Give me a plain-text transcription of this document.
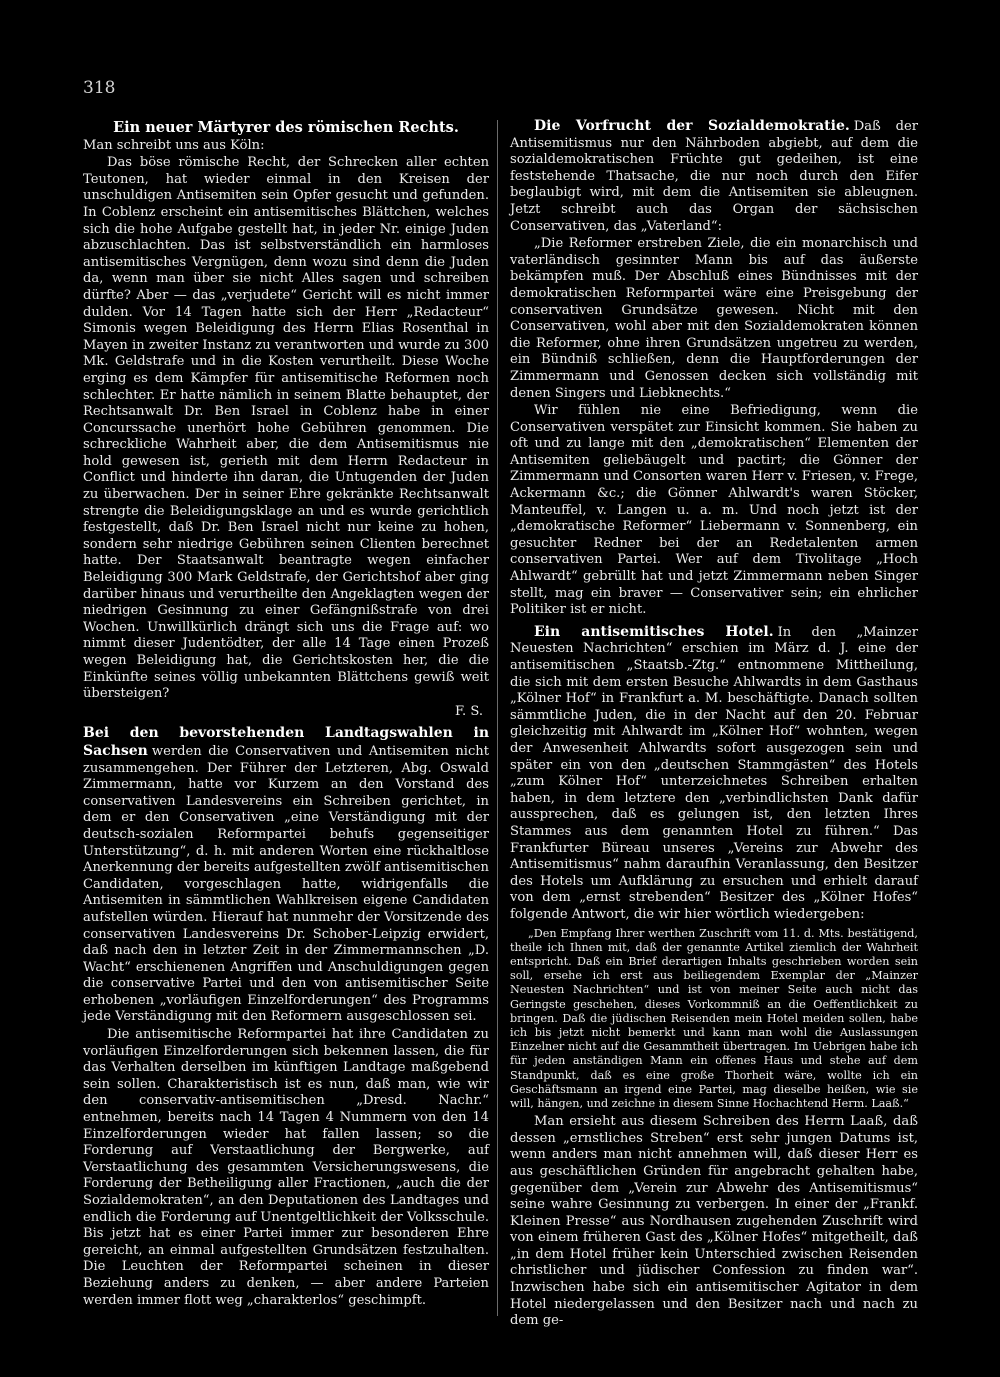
318
Ein neuer Märtyrer des römischen Rechts.

Man schreibt uns aus Köln:

Das böse römische Recht, der Schrecken aller echten Teutonen, hat wieder einmal in den Kreisen der unschuldigen Antisemiten sein Opfer gesucht und gefunden. In Coblenz erscheint ein antisemitisches Blättchen, welches sich die hohe Aufgabe gestellt hat, in jeder Nr. einige Juden abzuschlachten. Das ist selbstverständlich ein harmloses antisemitisches Vergnügen, denn wozu sind denn die Juden da, wenn man über sie nicht Alles sagen und schreiben dürfte? Aber — das „verjudete“ Gericht will es nicht immer dulden. Vor 14 Tagen hatte sich der Herr „Redacteur“ Simonis wegen Beleidigung des Herrn Elias Rosenthal in Mayen in zweiter Instanz zu verantworten und wurde zu 300 Mk. Geldstrafe und in die Kosten verurtheilt. Diese Woche erging es dem Kämpfer für antisemitische Reformen noch schlechter. Er hatte nämlich in seinem Blatte behauptet, der Rechtsanwalt Dr. Ben Israel in Coblenz habe in einer Concurssache unerhört hohe Gebühren genommen. Die schreckliche Wahrheit aber, die dem Antisemitismus nie hold gewesen ist, gerieth mit dem Herrn Redacteur in Conflict und hinderte ihn daran, die Untugenden der Juden zu überwachen. Der in seiner Ehre gekränkte Rechtsanwalt strengte die Beleidigungsklage an und es wurde gerichtlich festgestellt, daß Dr. Ben Israel nicht nur keine zu hohen, sondern sehr niedrige Gebühren seinen Clienten berechnet hatte. Der Staatsanwalt beantragte wegen einfacher Beleidigung 300 Mark Geldstrafe, der Gerichtshof aber ging darüber hinaus und verurtheilte den Angeklagten wegen der niedrigen Gesinnung zu einer Gefängnißstrafe von drei Wochen. Unwillkürlich drängt sich uns die Frage auf: wo nimmt dieser Judentödter, der alle 14 Tage einen Prozeß wegen Beleidigung hat, die Gerichtskosten her, die die Einkünfte seines völlig unbekannten Blättchens gewiß weit übersteigen?

F. S.

Bei den bevorstehenden Landtagswahlen in Sachsen werden die Conservativen und Antisemiten nicht zusammengehen. Der Führer der Letzteren, Abg. Oswald Zimmermann, hatte vor Kurzem an den Vorstand des conservativen Landesvereins ein Schreiben gerichtet, in dem er den Conservativen „eine Verständigung mit der deutsch-sozialen Reformpartei behufs gegenseitiger Unterstützung“, d. h. mit anderen Worten eine rückhaltlose Anerkennung der bereits aufgestellten zwölf antisemitischen Candidaten, vorgeschlagen hatte, widrigenfalls die Antisemiten in sämmtlichen Wahlkreisen eigene Candidaten aufstellen würden. Hierauf hat nunmehr der Vorsitzende des conservativen Landesvereins Dr. Schober-Leipzig erwidert, daß nach den in letzter Zeit in der Zimmermannschen „D. Wacht“ erschienenen Angriffen und Anschuldigungen gegen die conservative Partei und den von antisemitischer Seite erhobenen „vorläufigen Einzelforderungen“ des Programms jede Verständigung mit den Reformern ausgeschlossen sei.

Die antisemitische Reformpartei hat ihre Candidaten zu vorläufigen Einzelforderungen sich bekennen lassen, die für das Verhalten derselben im künftigen Landtage maßgebend sein sollen. Charakteristisch ist es nun, daß man, wie wir den conservativ-antisemitischen „Dresd. Nachr.“ entnehmen, bereits nach 14 Tagen 4 Nummern von den 14 Einzelforderungen wieder hat fallen lassen; so die Forderung auf Verstaatlichung der Bergwerke, auf Verstaatlichung des gesammten Versicherungswesens, die Forderung der Betheiligung aller Fractionen, „auch die der Sozialdemokraten“, an den Deputationen des Landtages und endlich die Forderung auf Unentgeltlichkeit der Volksschule. Bis jetzt hat es einer Partei immer zur besonderen Ehre gereicht, an einmal aufgestellten Grundsätzen festzuhalten. Die Leuchten der Reformpartei scheinen in dieser Beziehung anders zu denken, — aber andere Parteien werden immer flott weg „charakterlos“ geschimpft.

Die Vorfrucht der Sozialdemokratie. Daß der Antisemitismus nur den Nährboden abgiebt, auf dem die sozialdemokratischen Früchte gut gedeihen, ist eine feststehende Thatsache, die nur noch durch den Eifer beglaubigt wird, mit dem die Antisemiten sie ableugnen. Jetzt schreibt auch das Organ der sächsischen Conservativen, das „Vaterland“:

„Die Reformer erstreben Ziele, die ein monarchisch und vaterländisch gesinnter Mann bis auf das äußerste bekämpfen muß. Der Abschluß eines Bündnisses mit der demokratischen Reformpartei wäre eine Preisgebung der conservativen Grundsätze gewesen. Nicht mit den Conservativen, wohl aber mit den Sozialdemokraten können die Reformer, ohne ihren Grundsätzen ungetreu zu werden, ein Bündniß schließen, denn die Hauptforderungen der Zimmermann und Genossen decken sich vollständig mit denen Singers und Liebknechts.“

Wir fühlen nie eine Befriedigung, wenn die Conservativen verspätet zur Einsicht kommen. Sie haben zu oft und zu lange mit den „demokratischen“ Elementen der Antisemiten geliebäugelt und pactirt; die Gönner der Zimmermann und Consorten waren Herr v. Friesen, v. Frege, Ackermann &c.; die Gönner Ahlwardt's waren Stöcker, Manteuffel, v. Langen u. a. m. Und noch jetzt ist der „demokratische Reformer“ Liebermann v. Sonnenberg, ein gesuchter Redner bei der an Redetalenten armen conservativen Partei. Wer auf dem Tivolitage „Hoch Ahlwardt“ gebrüllt hat und jetzt Zimmermann neben Singer stellt, mag ein braver — Conservativer sein; ein ehrlicher Politiker ist er nicht.

Ein antisemitisches Hotel. In den „Mainzer Neuesten Nachrichten“ erschien im März d. J. eine der antisemitischen „Staatsb.-Ztg.“ entnommene Mittheilung, die sich mit dem ersten Besuche Ahlwardts in dem Gasthaus „Kölner Hof“ in Frankfurt a. M. beschäftigte. Danach sollten sämmtliche Juden, die in der Nacht auf den 20. Februar gleichzeitig mit Ahlwardt im „Kölner Hof“ wohnten, wegen der Anwesenheit Ahlwardts sofort ausgezogen sein und später ein von den „deutschen Stammgästen“ des Hotels „zum Kölner Hof“ unterzeichnetes Schreiben erhalten haben, in dem letztere den „verbindlichsten Dank dafür aussprechen, daß es gelungen ist, den letzten Ihres Stammes aus dem genannten Hotel zu führen.“ Das Frankfurter Büreau unseres „Vereins zur Abwehr des Antisemitismus“ nahm daraufhin Veranlassung, den Besitzer des Hotels um Aufklärung zu ersuchen und erhielt darauf von dem „ernst strebenden“ Besitzer des „Kölner Hofes“ folgende Antwort, die wir hier wörtlich wiedergeben:

„Den Empfang Ihrer werthen Zuschrift vom 11. d. Mts. bestätigend, theile ich Ihnen mit, daß der genannte Artikel ziemlich der Wahrheit entspricht. Daß ein Brief derartigen Inhalts geschrieben worden sein soll, ersehe ich erst aus beiliegendem Exemplar der „Mainzer Neuesten Nachrichten“ und ist von meiner Seite auch nicht das Geringste geschehen, dieses Vorkommniß an die Oeffentlichkeit zu bringen. Daß die jüdischen Reisenden mein Hotel meiden sollen, habe ich bis jetzt nicht bemerkt und kann man wohl die Auslassungen Einzelner nicht auf die Gesammtheit übertragen. Im Uebrigen habe ich für jeden anständigen Mann ein offenes Haus und stehe auf dem Standpunkt, daß es eine große Thorheit wäre, wollte ich ein Geschäftsmann an irgend eine Partei, mag dieselbe heißen, wie sie will, hängen, und zeichne in diesem Sinne Hochachtend Herm. Laaß.“

Man ersieht aus diesem Schreiben des Herrn Laaß, daß dessen „ernstliches Streben“ erst sehr jungen Datums ist, wenn anders man nicht annehmen will, daß dieser Herr es aus geschäftlichen Gründen für angebracht gehalten habe, gegenüber dem „Verein zur Abwehr des Antisemitismus“ seine wahre Gesinnung zu verbergen. In einer der „Frankf. Kleinen Presse“ aus Nordhausen zugehenden Zuschrift wird von einem früheren Gast des „Kölner Hofes“ mitgetheilt, daß „in dem Hotel früher kein Unterschied zwischen Reisenden christlicher und jüdischer Confession zu finden war“. Inzwischen habe sich ein antisemitischer Agitator in dem Hotel niedergelassen und den Besitzer nach und nach zu dem ge-
